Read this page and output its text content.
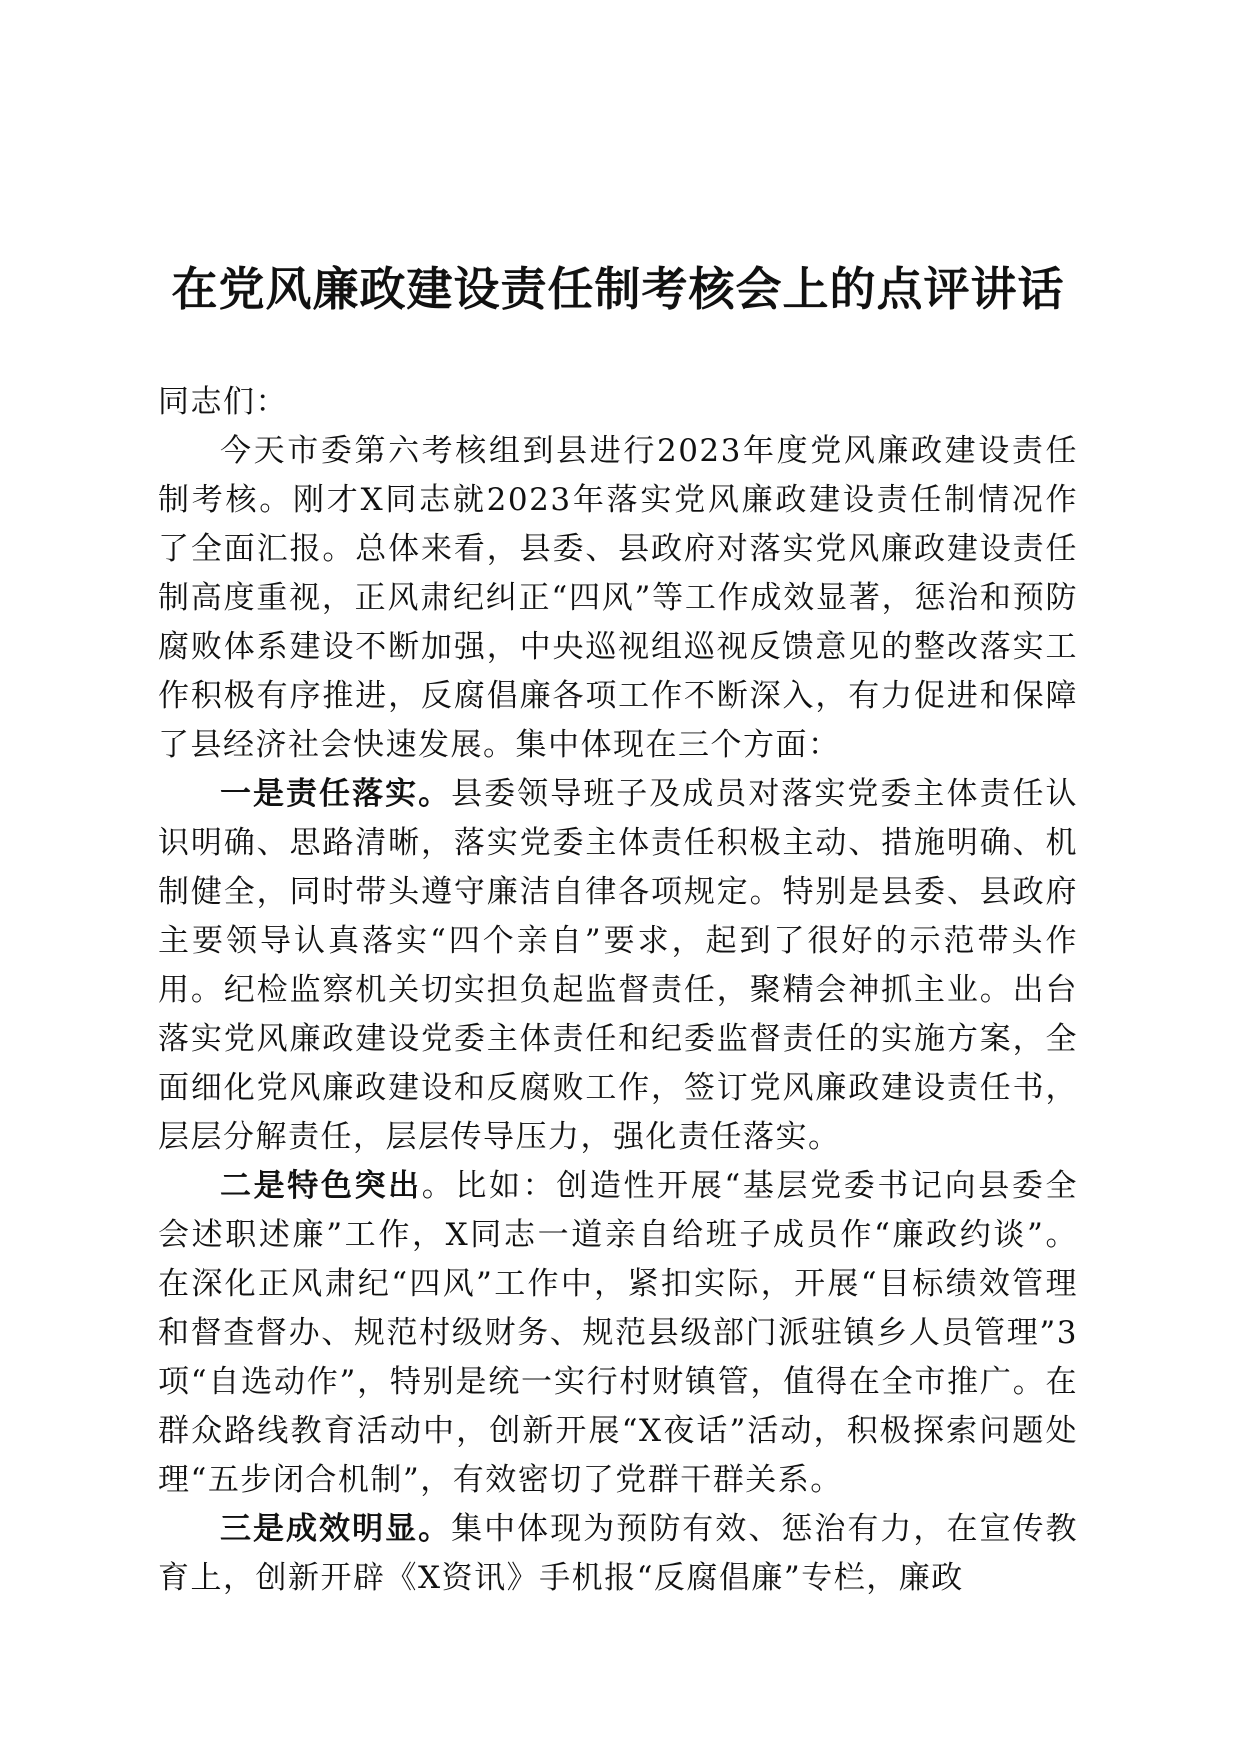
在党风廉政建设责任制考核会上的点评讲话

同志们：

今天市委第六考核组到县进行2023年度党风廉政建设责任制考核。刚才X同志就2023年落实党风廉政建设责任制情况作了全面汇报。总体来看，县委、县政府对落实党风廉政建设责任制高度重视，正风肃纪纠正“四风”等工作成效显著，惩治和预防腐败体系建设不断加强，中央巡视组巡视反馈意见的整改落实工作积极有序推进，反腐倡廉各项工作不断深入，有力促进和保障了县经济社会快速发展。集中体现在三个方面：

一是责任落实。县委领导班子及成员对落实党委主体责任认识明确、思路清晰，落实党委主体责任积极主动、措施明确、机制健全，同时带头遵守廉洁自律各项规定。特别是县委、县政府主要领导认真落实“四个亲自”要求，起到了很好的示范带头作用。纪检监察机关切实担负起监督责任，聚精会神抓主业。出台落实党风廉政建设党委主体责任和纪委监督责任的实施方案，全面细化党风廉政建设和反腐败工作，签订党风廉政建设责任书，层层分解责任，层层传导压力，强化责任落实。

二是特色突出。比如：创造性开展“基层党委书记向县委全会述职述廉”工作，X同志一道亲自给班子成员作“廉政约谈”。在深化正风肃纪“四风”工作中，紧扣实际，开展“目标绩效管理和督查督办、规范村级财务、规范县级部门派驻镇乡人员管理”3项“自选动作”，特别是统一实行村财镇管，值得在全市推广。在群众路线教育活动中，创新开展“X夜话”活动，积极探索问题处理“五步闭合机制”，有效密切了党群干群关系。

三是成效明显。集中体现为预防有效、惩治有力，在宣传教育上，创新开辟《X资讯》手机报“反腐倡廉”专栏，廉政
